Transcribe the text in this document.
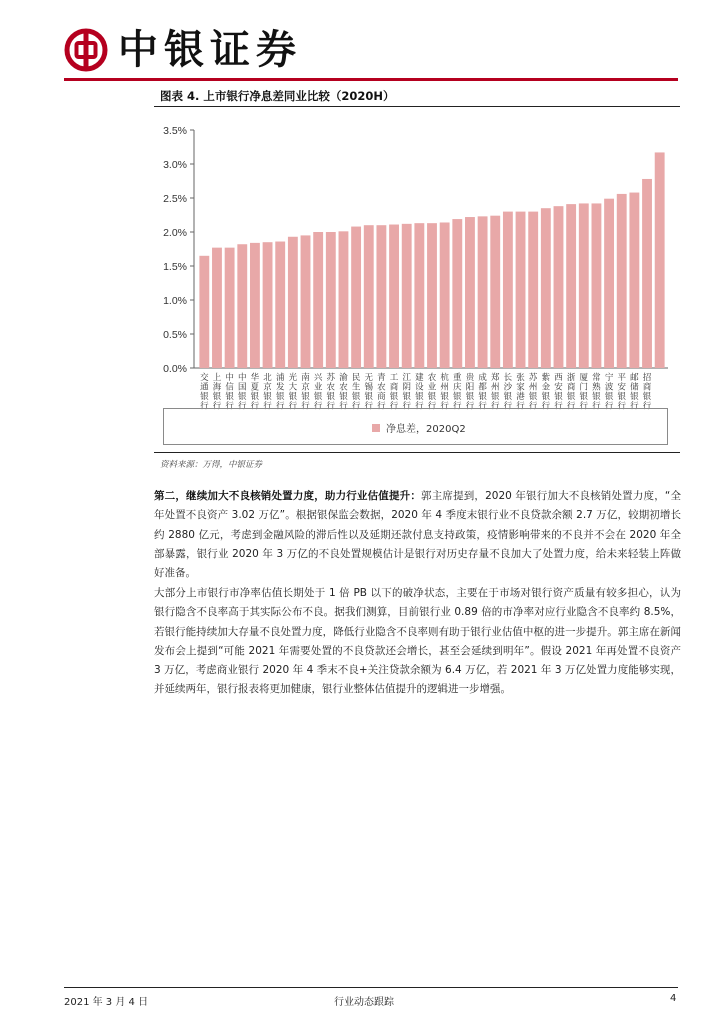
中银证券
图表 4. 上市银行净息差同业比较（2020H）
0.0%
0.5%
1.0%
1.5%
2.0%
2.5%
3.0%
3.5%
交通银行
上海银行
中信银行
中国银行
华夏银行
北京银行
浦发银行
光大银行
南京银行
兴业银行
苏农银行
渝农银行
民生银行
无锡银行
青农商行
工商银行
江阴银行
建设银行
农业银行
杭州银行
重庆银行
贵阳银行
成都银行
郑州银行
长沙银行
张家港行
苏州银行
紫金银行
西安银行
浙商银行
厦门银行
常熟银行
宁波银行
平安银行
邮储银行
招商银行
净息差，2020Q2
资料来源：万得，中银证券

第二，继续加大不良核销处置力度，助力行业估值提升：郭主席提到，2020 年银行加大不良核销处置力度，“全年处置不良资产 3.02 万亿”。根据银保监会数据，2020 年 4 季度末银行业不良贷款余额 2.7 万亿，较期初增长约 2880 亿元，考虑到金融风险的滞后性以及延期还款付息支持政策，疫情影响带来的不良并不会在 2020 年全部暴露，银行业 2020 年 3 万亿的不良处置规模估计是银行对历史存量不良加大了处置力度，给未来轻装上阵做好准备。

大部分上市银行市净率估值长期处于 1 倍 PB 以下的破净状态，主要在于市场对银行资产质量有较多担心，认为银行隐含不良率高于其实际公布不良。据我们测算，目前银行业 0.89 倍的市净率对应行业隐含不良率约 8.5%，若银行能持续加大存量不良处置力度，降低行业隐含不良率则有助于银行业估值中枢的进一步提升。郭主席在新闻发布会上提到“可能 2021 年需要处置的不良贷款还会增长，甚至会延续到明年”。假设 2021 年再处置不良资产 3 万亿，考虑商业银行 2020 年 4 季末不良+关注贷款余额为 6.4 万亿，若 2021 年 3 万亿处置力度能够实现，并延续两年，银行报表将更加健康，银行业整体估值提升的逻辑进一步增强。

2021 年 3 月 4 日	行业动态跟踪	4
